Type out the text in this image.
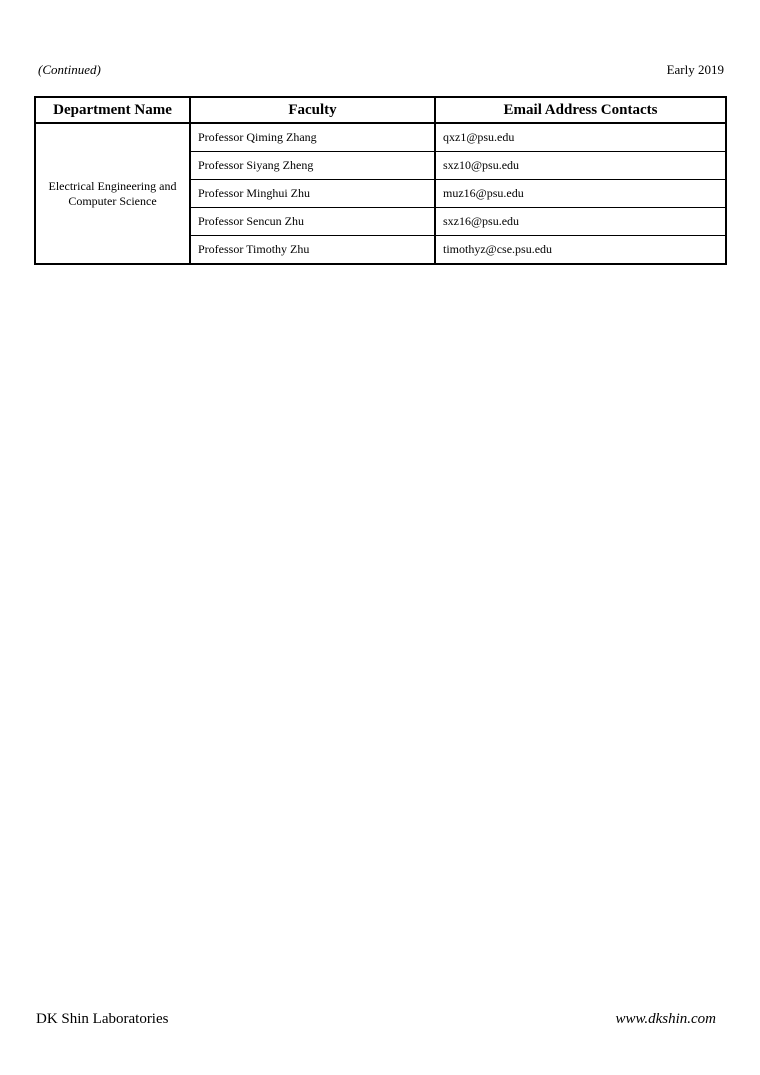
(Continued)	Early 2019
Department Name	Faculty	Email Address Contacts
Electrical Engineering and Computer Science	Professor Qiming Zhang	qxz1@psu.edu
	Professor Siyang Zheng	sxz10@psu.edu
	Professor Minghui Zhu	muz16@psu.edu
	Professor Sencun Zhu	sxz16@psu.edu
	Professor Timothy Zhu	timothyz@cse.psu.edu
DK Shin Laboratories	www.dkshin.com
